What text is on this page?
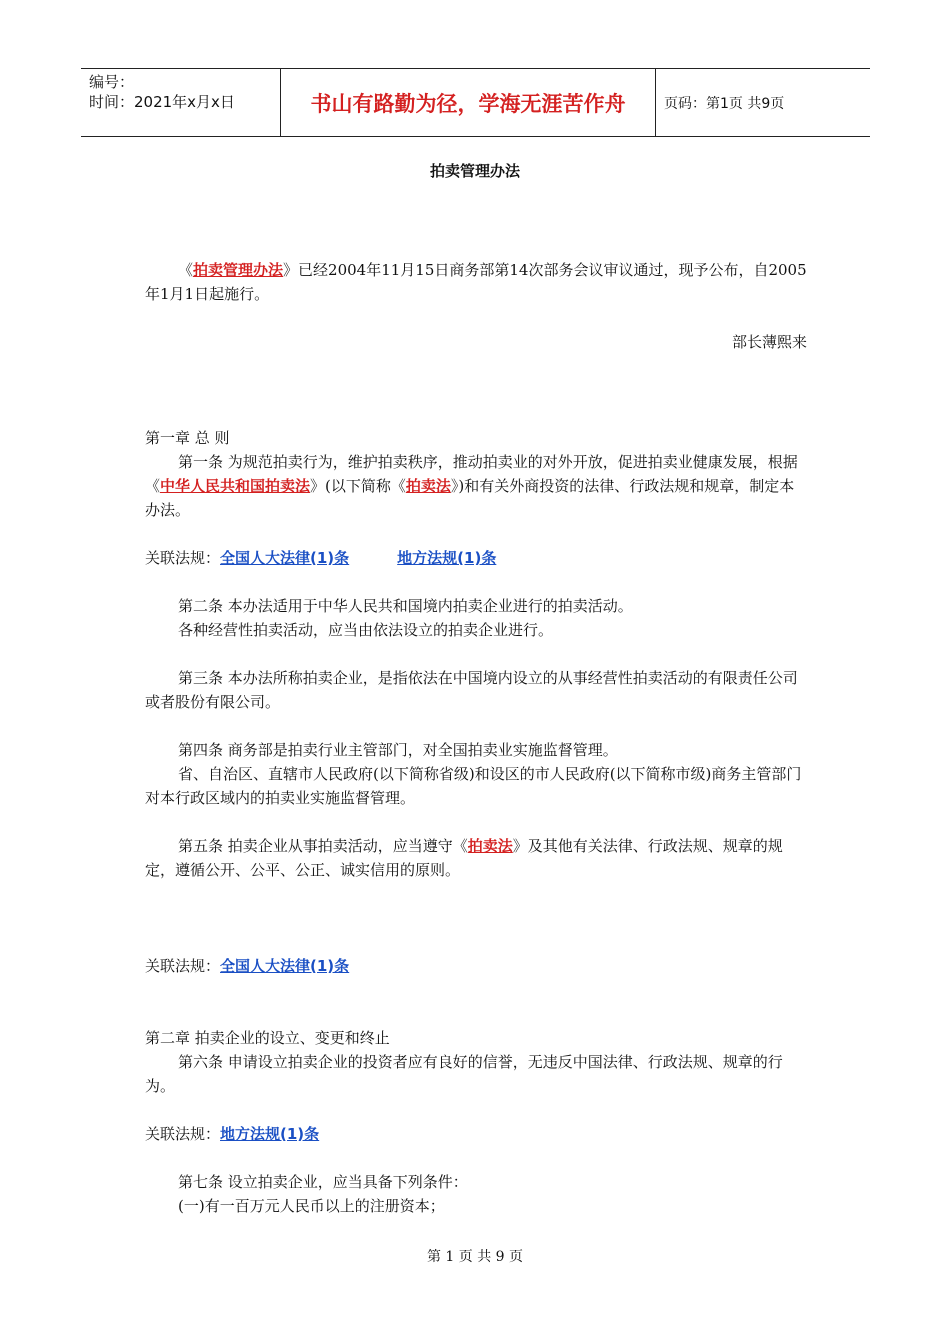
编号：
时间：2021年x月x日	书山有路勤为径，学海无涯苦作舟	页码：第1页 共9页
拍卖管理办法

《拍卖管理办法》已经2004年11月15日商务部第14次部务会议审议通过，现予公布，自2005年1月1日起施行。

部长薄熙来

第一章 总 则

第一条 为规范拍卖行为，维护拍卖秩序，推动拍卖业的对外开放，促进拍卖业健康发展，根据《中华人民共和国拍卖法》(以下简称《拍卖法》)和有关外商投资的法律、行政法规和规章，制定本办法。

关联法规：全国人大法律(1)条	地方法规(1)条

第二条 本办法适用于中华人民共和国境内拍卖企业进行的拍卖活动。

各种经营性拍卖活动，应当由依法设立的拍卖企业进行。

第三条 本办法所称拍卖企业，是指依法在中国境内设立的从事经营性拍卖活动的有限责任公司或者股份有限公司。

第四条 商务部是拍卖行业主管部门，对全国拍卖业实施监督管理。

省、自治区、直辖市人民政府(以下简称省级)和设区的市人民政府(以下简称市级)商务主管部门对本行政区域内的拍卖业实施监督管理。

第五条 拍卖企业从事拍卖活动，应当遵守《拍卖法》及其他有关法律、行政法规、规章的规定，遵循公开、公平、公正、诚实信用的原则。

关联法规：全国人大法律(1)条

第二章 拍卖企业的设立、变更和终止

第六条 申请设立拍卖企业的投资者应有良好的信誉，无违反中国法律、行政法规、规章的行为。

关联法规：地方法规(1)条

第七条 设立拍卖企业，应当具备下列条件：

(一)有一百万元人民币以上的注册资本；

第 1 页 共 9 页
